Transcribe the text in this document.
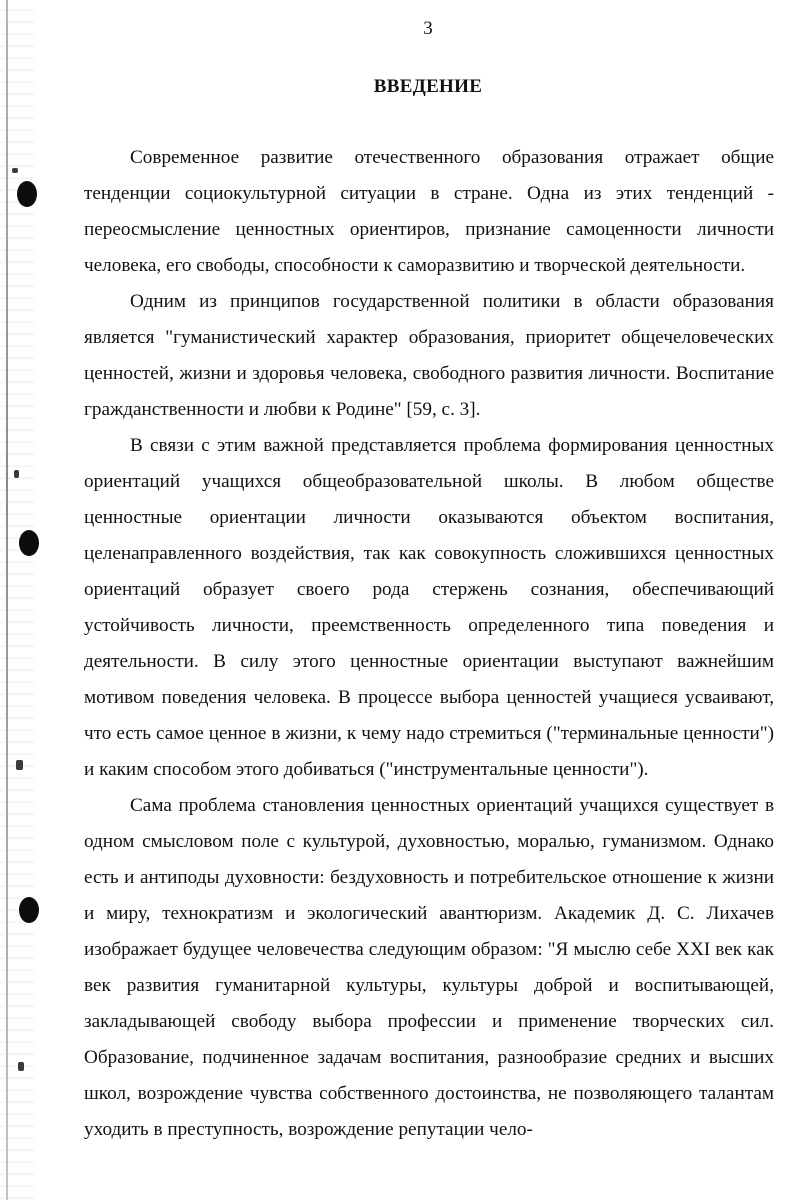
3
ВВЕДЕНИЕ

Современное развитие отечественного образования отражает общие тенденции социокультурной ситуации в стране. Одна из этих тенденций - переосмысление ценностных ориентиров, признание самоценности личности человека, его свободы, способности к саморазвитию и творческой деятельности.

Одним из принципов государственной политики в области образования является "гуманистический характер образования, приоритет общечеловеческих ценностей, жизни и здоровья человека, свободного развития личности. Воспитание гражданственности и любви к Родине" [59, с. 3].

В связи с этим важной представляется проблема формирования ценностных ориентаций учащихся общеобразовательной школы. В любом обществе ценностные ориентации личности оказываются объектом воспитания, целенаправленного воздействия, так как совокупность сложившихся ценностных ориентаций образует своего рода стержень сознания, обеспечивающий устойчивость личности, преемственность определенного типа поведения и деятельности. В силу этого ценностные ориентации выступают важнейшим мотивом поведения человека. В процессе выбора ценностей учащиеся усваивают, что есть самое ценное в жизни, к чему надо стремиться ("терминальные ценности") и каким способом этого добиваться ("инструментальные ценности").

Сама проблема становления ценностных ориентаций учащихся существует в одном смысловом поле с культурой, духовностью, моралью, гуманизмом. Однако есть и антиподы духовности: бездуховность и потребительское отношение к жизни и миру, технократизм и экологический авантюризм. Академик Д. С. Лихачев изображает будущее человечества следующим образом: "Я мыслю себе XXI век как век развития гуманитарной культуры, культуры доброй и воспитывающей, закладывающей свободу выбора профессии и применение творческих сил. Образование, подчиненное задачам воспитания, разнообразие средних и высших школ, возрождение чувства собственного достоинства, не позволяющего талантам уходить в преступность, возрождение репутации чело-
